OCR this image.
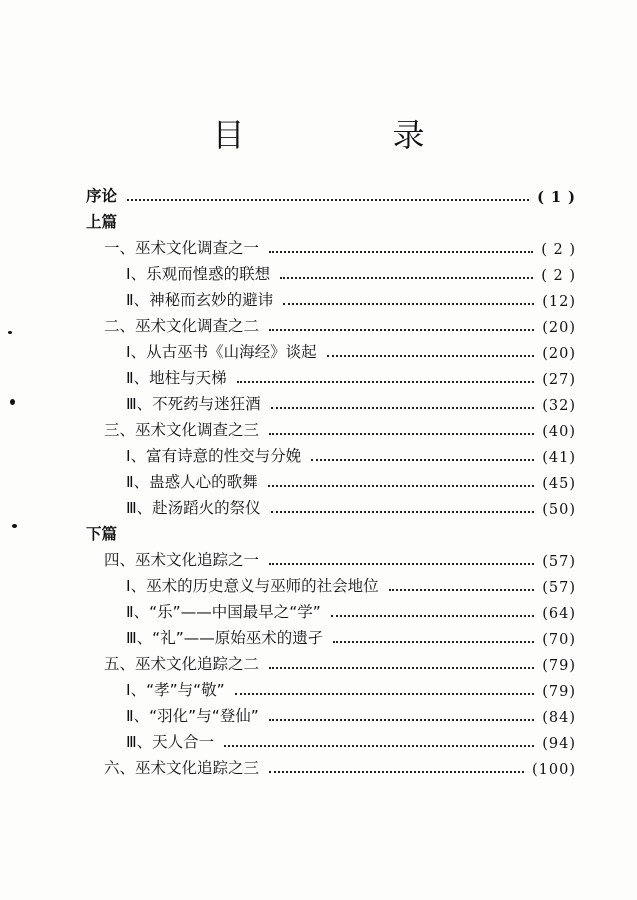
目　录
序论	( 1 )
上篇
一、巫术文化调查之一	( 2 )
Ⅰ、乐观而惶惑的联想	( 2 )
Ⅱ、神秘而玄妙的避讳	(12)
二、巫术文化调查之二	(20)
Ⅰ、从古巫书《山海经》谈起	(20)
Ⅱ、地柱与天梯	(27)
Ⅲ、不死药与迷狂酒	(32)
三、巫术文化调查之三	(40)
Ⅰ、富有诗意的性交与分娩	(41)
Ⅱ、蛊惑人心的歌舞	(45)
Ⅲ、赴汤蹈火的祭仪	(50)
下篇
四、巫术文化追踪之一	(57)
Ⅰ、巫术的历史意义与巫师的社会地位	(57)
Ⅱ、“乐”——中国最早之“学”	(64)
Ⅲ、“礼”——原始巫术的遗孑	(70)
五、巫术文化追踪之二	(79)
Ⅰ、“孝”与“敬”	(79)
Ⅱ、“羽化”与“登仙”	(84)
Ⅲ、天人合一	(94)
六、巫术文化追踪之三	(100)
